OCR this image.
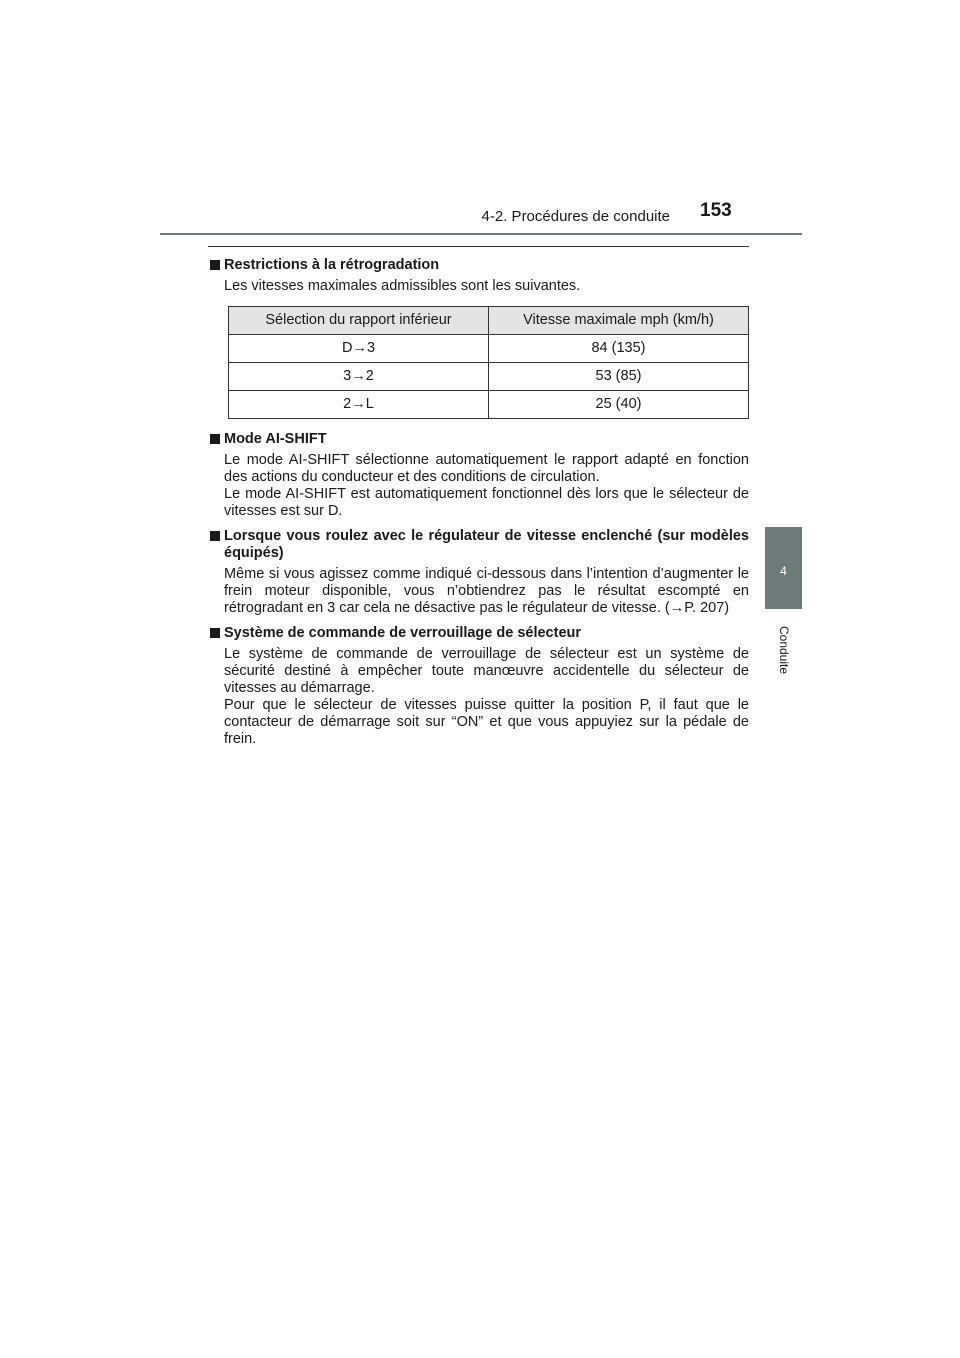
4-2. Procédures de conduite 153
4
Conduite
Restrictions à la rétrogradation
Les vitesses maximales admissibles sont les suivantes.
Sélection du rapport inférieur	Vitesse maximale mph (km/h)
D→3	84 (135)
3→2	53 (85)
2→L	25 (40)
Mode AI-SHIFT
Le mode AI-SHIFT sélectionne automatiquement le rapport adapté en fonction des actions du conducteur et des conditions de circulation.
Le mode AI-SHIFT est automatiquement fonctionnel dès lors que le sélecteur de vitesses est sur D.
Lorsque vous roulez avec le régulateur de vitesse enclenché (sur modèles équipés)
Même si vous agissez comme indiqué ci-dessous dans l’intention d’augmenter le frein moteur disponible, vous n’obtiendrez pas le résultat escompté en rétrogradant en 3 car cela ne désactive pas le régulateur de vitesse. (→P. 207)
Système de commande de verrouillage de sélecteur
Le système de commande de verrouillage de sélecteur est un système de sécurité destiné à empêcher toute manœuvre accidentelle du sélecteur de vitesses au démarrage.
Pour que le sélecteur de vitesses puisse quitter la position P, il faut que le contacteur de démarrage soit sur “ON” et que vous appuyiez sur la pédale de frein.
